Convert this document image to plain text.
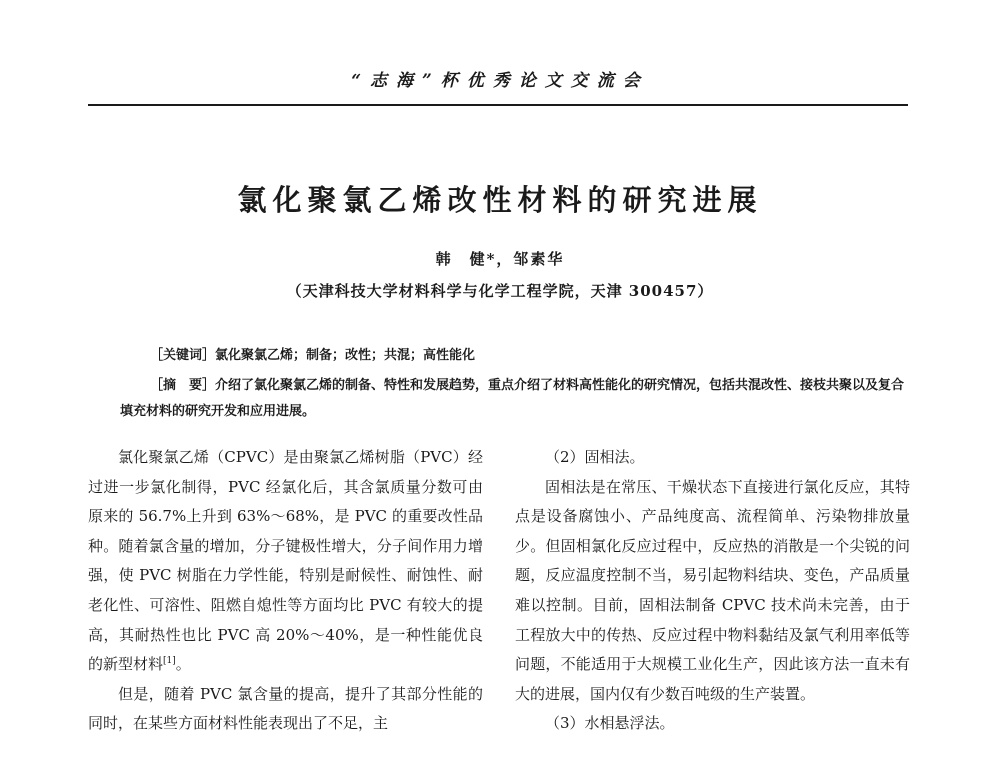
“志海”杯优秀论文交流会
氯化聚氯乙烯改性材料的研究进展
韩　健*，邹素华
（天津科技大学材料科学与化学工程学院，天津 300457）
［关键词］氯化聚氯乙烯；制备；改性；共混；高性能化
［摘　要］介绍了氯化聚氯乙烯的制备、特性和发展趋势，重点介绍了材料高性能化的研究情况，包括共混改性、接枝共聚以及复合填充材料的研究开发和应用进展。

氯化聚氯乙烯（CPVC）是由聚氯乙烯树脂（PVC）经过进一步氯化制得，PVC 经氯化后，其含氯质量分数可由原来的 56.7%上升到 63%～68%，是 PVC 的重要改性品种。随着氯含量的增加，分子键极性增大，分子间作用力增强，使 PVC 树脂在力学性能，特别是耐候性、耐蚀性、耐老化性、可溶性、阻燃自熄性等方面均比 PVC 有较大的提高，其耐热性也比 PVC 高 20%～40%，是一种性能优良的新型材料[1]。

但是，随着 PVC 氯含量的提高，提升了其部分性能的同时，在某些方面材料性能表现出了不足，主

（2）固相法。

固相法是在常压、干燥状态下直接进行氯化反应，其特点是设备腐蚀小、产品纯度高、流程简单、污染物排放量少。但固相氯化反应过程中，反应热的消散是一个尖锐的问题，反应温度控制不当，易引起物料结块、变色，产品质量难以控制。目前，固相法制备 CPVC 技术尚未完善，由于工程放大中的传热、反应过程中物料黏结及氯气利用率低等问题，不能适用于大规模工业化生产，因此该方法一直未有大的进展，国内仅有少数百吨级的生产装置。

（3）水相悬浮法。
